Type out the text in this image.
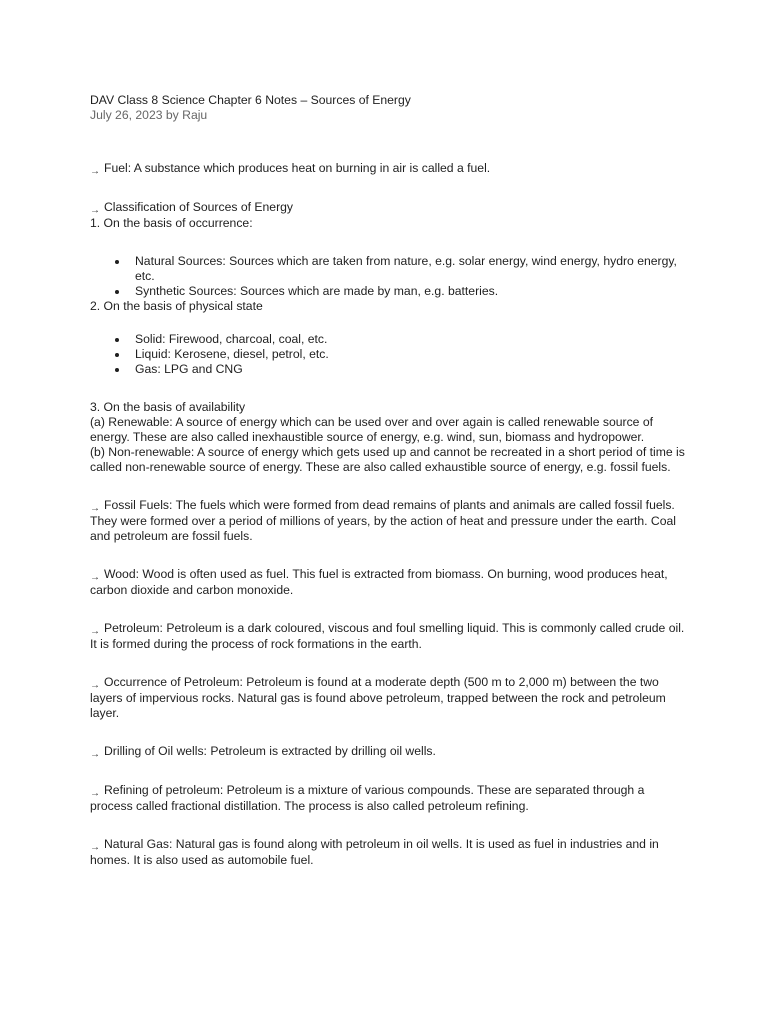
DAV Class 8 Science Chapter 6 Notes – Sources of Energy

July 26, 2023 by Raju

→ Fuel: A substance which produces heat on burning in air is called a fuel.

→ Classification of Sources of Energy

1. On the basis of occurrence:

Natural Sources: Sources which are taken from nature, e.g. solar energy, wind energy, hydro energy, etc.
Synthetic Sources: Sources which are made by man, e.g. batteries.

2. On the basis of physical state

Solid: Firewood, charcoal, coal, etc.
Liquid: Kerosene, diesel, petrol, etc.
Gas: LPG and CNG

3. On the basis of availability

(a) Renewable: A source of energy which can be used over and over again is called renewable source of energy. These are also called inexhaustible source of energy, e.g. wind, sun, biomass and hydropower.

(b) Non-renewable: A source of energy which gets used up and cannot be recreated in a short period of time is called non-renewable source of energy. These are also called exhaustible source of energy, e.g. fossil fuels.

→ Fossil Fuels: The fuels which were formed from dead remains of plants and animals are called fossil fuels. They were formed over a period of millions of years, by the action of heat and pressure under the earth. Coal and petroleum are fossil fuels.

→ Wood: Wood is often used as fuel. This fuel is extracted from biomass. On burning, wood produces heat, carbon dioxide and carbon monoxide.

→ Petroleum: Petroleum is a dark coloured, viscous and foul smelling liquid. This is commonly called crude oil. It is formed during the process of rock formations in the earth.

→ Occurrence of Petroleum: Petroleum is found at a moderate depth (500 m to 2,000 m) between the two layers of impervious rocks. Natural gas is found above petroleum, trapped between the rock and petroleum layer.

→ Drilling of Oil wells: Petroleum is extracted by drilling oil wells.

→ Refining of petroleum: Petroleum is a mixture of various compounds. These are separated through a process called fractional distillation. The process is also called petroleum refining.

→ Natural Gas: Natural gas is found along with petroleum in oil wells. It is used as fuel in industries and in homes. It is also used as automobile fuel.
